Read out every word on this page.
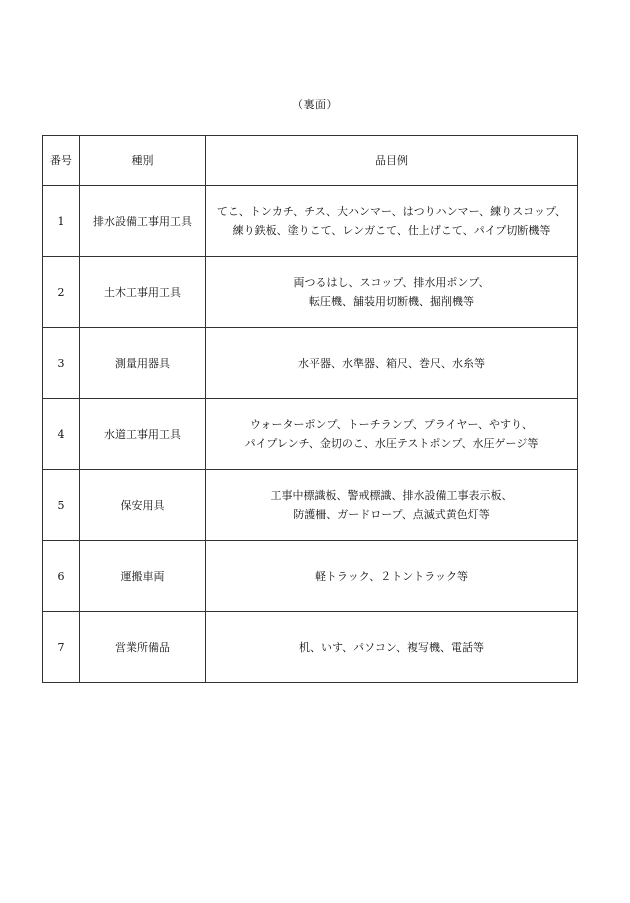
（裏面）
番号	種別	品目例
1	排水設備工事用工具	てこ、トンカチ、チス、大ハンマー、はつりハンマー、練りスコップ、
練り鉄板、塗りこて、レンガこて、仕上げこて、パイプ切断機等

2	土木工事用工具	両つるはし、スコップ、排水用ポンプ、
転圧機、舗装用切断機、掘削機等

3	測量用器具	水平器、水準器、箱尺、巻尺、水糸等

4	水道工事用工具	ウォーターポンプ、トーチランプ、プライヤー、やすり、
パイプレンチ、金切のこ、水圧テストポンプ、水圧ゲージ等

5	保安用具	工事中標識板、警戒標識、排水設備工事表示板、
防護柵、ガードロープ、点滅式黄色灯等

6	運搬車両	軽トラック、２トントラック等

7	営業所備品	机、いす、パソコン、複写機、電話等
